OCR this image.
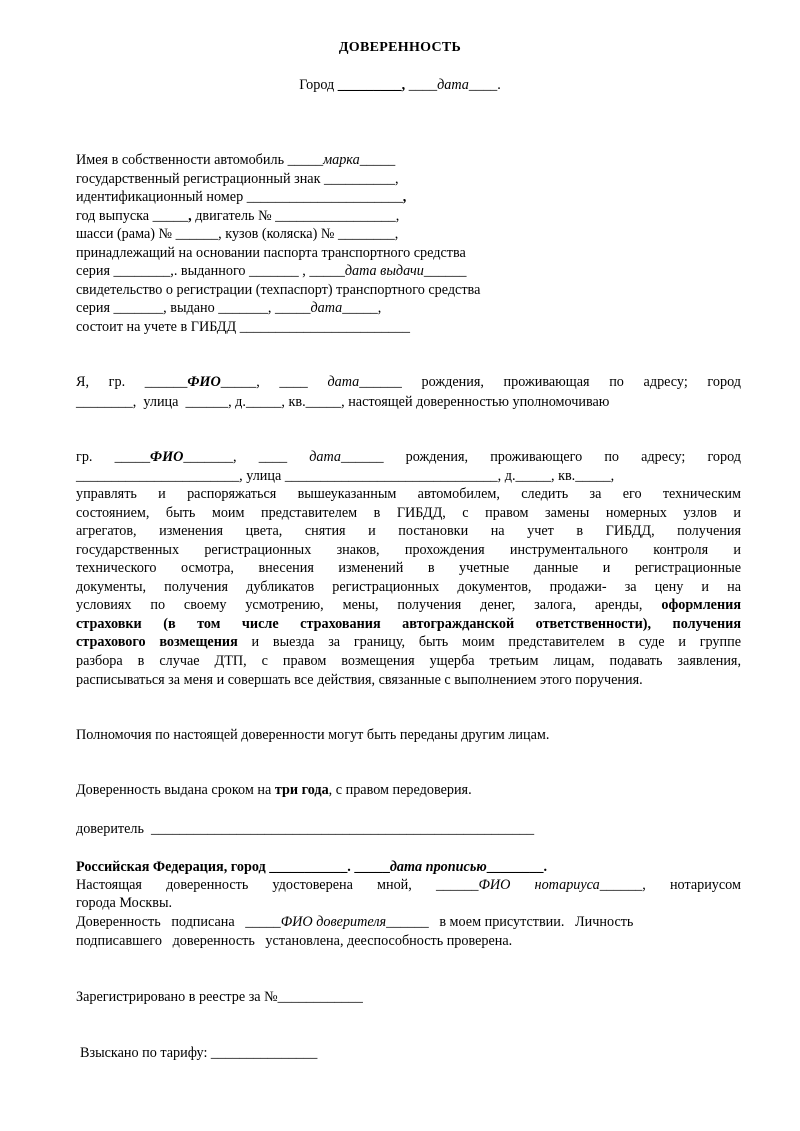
ДОВЕРЕННОСТЬ
Город _________, ____дата____.
Имея в собственности автомобиль _____марка_____
государственный регистрационный знак __________,
идентификационный номер ______________________,
год выпуска _____, двигатель № _________________,
шасси (рама) № ______, кузов (коляска) № ________,
принадлежащий на основании паспорта транспортного средства
серия ________,. выданного _______ , _____дата выдачи______
свидетельство о регистрации (техпаспорт) транспортного средства
серия _______, выдано _______, _____дата_____,
состоит на учете в ГИБДД ________________________
Я, гр. ______ФИО_____, ____ дата______ рождения, проживающая по адресу; город
________,  улица  ______, д._____, кв._____, настоящей доверенностью уполномочиваю
гр. _____ФИО_______, ____ дата______ рождения, проживающего по адресу; город
_______________________, улица ______________________________, д._____, кв._____,
управлять и распоряжаться вышеуказанным автомобилем, следить за его техническим
состоянием, быть моим представителем в ГИБДД, с правом замены номерных узлов и
агрегатов, изменения цвета, снятия и постановки на учет в ГИБДД, получения
государственных регистрационных знаков, прохождения инструментального контроля и
технического осмотра, внесения изменений в учетные данные и регистрационные
документы, получения дубликатов регистрационных документов, продажи- за цену и на
условиях по своему усмотрению, мены, получения денег, залога, аренды, оформления
страховки (в том числе страхования автогражданской ответственности), получения
страхового возмещения и выезда за границу, быть моим представителем в суде и группе
разбора в случае ДТП, с правом возмещения ущерба третьим лицам, подавать заявления,
расписываться за меня и совершать все действия, связанные с выполнением этого поручения.
Полномочия по настоящей доверенности могут быть переданы другим лицам.
Доверенность выдана сроком на три года, с правом передоверия.
доверитель  ______________________________________________________
Российская Федерация, город ___________. _____дата прописью________.
Настоящая доверенность удостоверена мной, ______ФИО нотариуса______, нотариусом
города Москвы.
Доверенность   подписана   _____ФИО доверителя______   в моем присутствии.   Личность
подписавшего   доверенность   установлена, дееспособность проверена.
Зарегистрировано в реестре за №____________
Взыскано по тарифу: _______________
